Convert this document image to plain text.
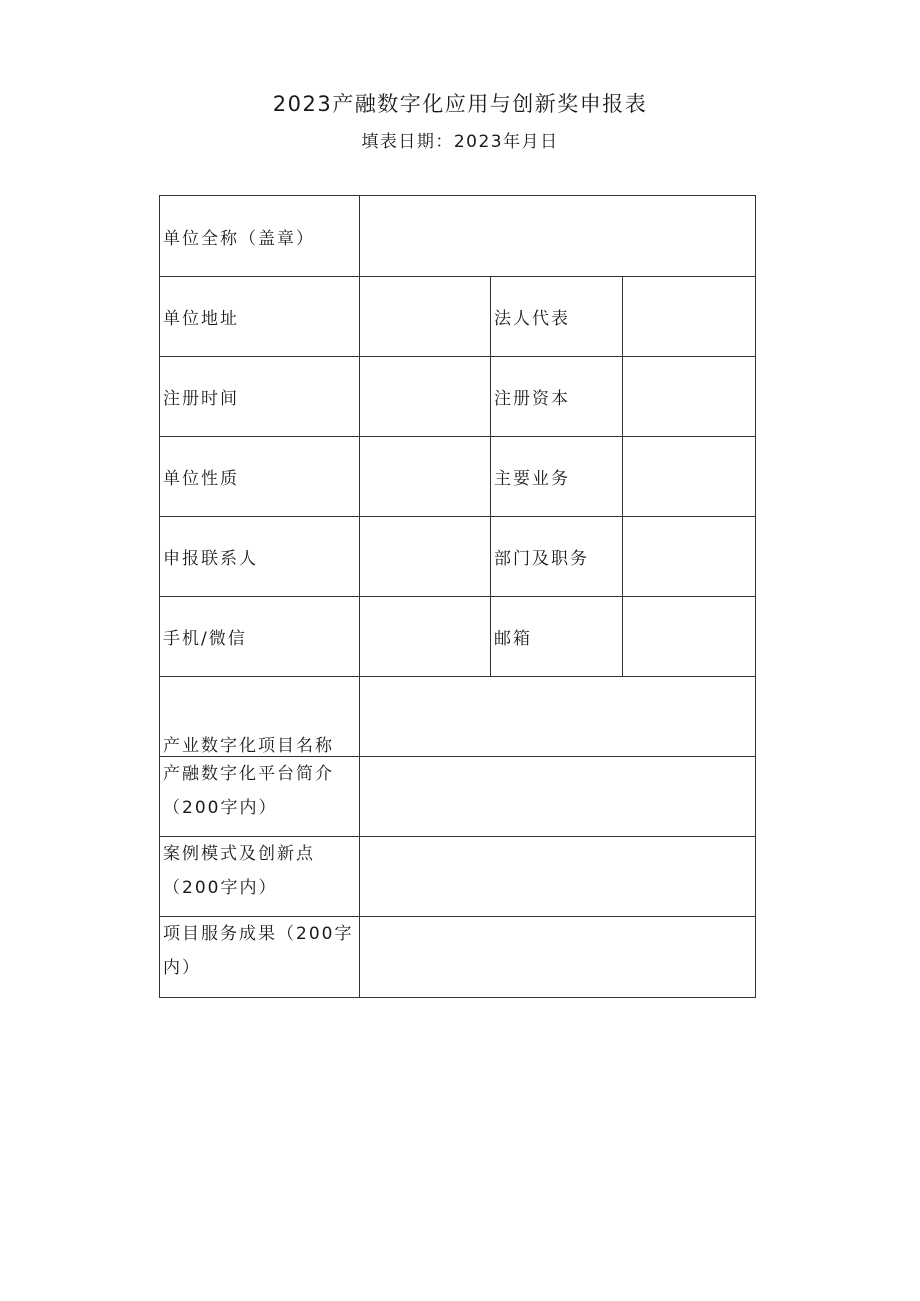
2023产融数字化应用与创新奖申报表
填表日期：2023年月日
单位全称（盖章）			

单位地址		法人代表	

注册时间		注册资本	

单位性质		主要业务	

申报联系人		部门及职务	

手机/微信		邮箱	

产业数字化项目名称			

产融数字化平台简介（200字内）			

案例模式及创新点
（200字内）			

项目服务成果（200字内）			
